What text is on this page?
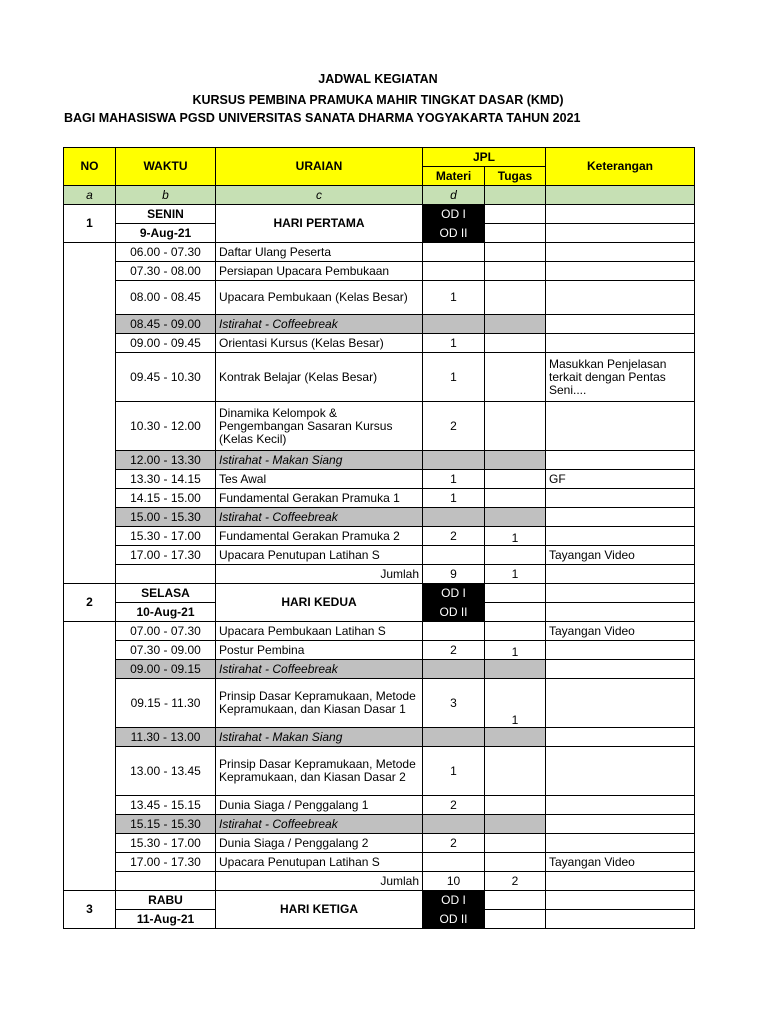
JADWAL KEGIATAN
KURSUS PEMBINA PRAMUKA MAHIR TINGKAT DASAR (KMD)
BAGI MAHASISWA PGSD UNIVERSITAS SANATA DHARMA YOGYAKARTA TAHUN 2021
NO	WAKTU	URAIAN	JPL		Keterangan
			Materi	Tugas	
a	b	c	d		
1	SENIN	HARI PERTAMA	OD I		
	9-Aug-21		OD II		
	06.00 - 07.30	Daftar Ulang Peserta			
	07.30 - 08.00	Persiapan Upacara Pembukaan			
	08.00 - 08.45	Upacara Pembukaan (Kelas Besar)	1		
	08.45 - 09.00	Istirahat - Coffeebreak			
	09.00 - 09.45	Orientasi Kursus (Kelas Besar)	1		
	09.45 - 10.30	Kontrak Belajar (Kelas Besar)	1		Masukkan Penjelasan terkait dengan Pentas Seni....
	10.30 - 12.00	Dinamika Kelompok & Pengembangan Sasaran Kursus (Kelas Kecil)	2		
	12.00 - 13.30	Istirahat - Makan Siang			
	13.30 - 14.15	Tes Awal	1		GF
	14.15 - 15.00	Fundamental Gerakan Pramuka 1	1		
	15.00 - 15.30	Istirahat - Coffeebreak			
	15.30 - 17.00	Fundamental Gerakan Pramuka 2	2	1	
	17.00 - 17.30	Upacara Penutupan Latihan S			Tayangan Video
		Jumlah	9	1	
2	SELASA	HARI KEDUA	OD I		
	10-Aug-21		OD II		
	07.00 - 07.30	Upacara Pembukaan Latihan S			Tayangan Video
	07.30 - 09.00	Postur Pembina	2	1	
	09.00 - 09.15	Istirahat - Coffeebreak			
	09.15 - 11.30	Prinsip Dasar Kepramukaan, Metode Kepramukaan, dan Kiasan Dasar 1	3	1	
	11.30 - 13.00	Istirahat - Makan Siang			
	13.00 - 13.45	Prinsip Dasar Kepramukaan, Metode Kepramukaan, dan Kiasan Dasar 2	1		
	13.45 - 15.15	Dunia Siaga / Penggalang 1	2		
	15.15 - 15.30	Istirahat - Coffeebreak			
	15.30 - 17.00	Dunia Siaga / Penggalang 2	2		
	17.00 - 17.30	Upacara Penutupan Latihan S			Tayangan Video
		Jumlah	10	2	
3	RABU	HARI KETIGA	OD I		
	11-Aug-21		OD II		
